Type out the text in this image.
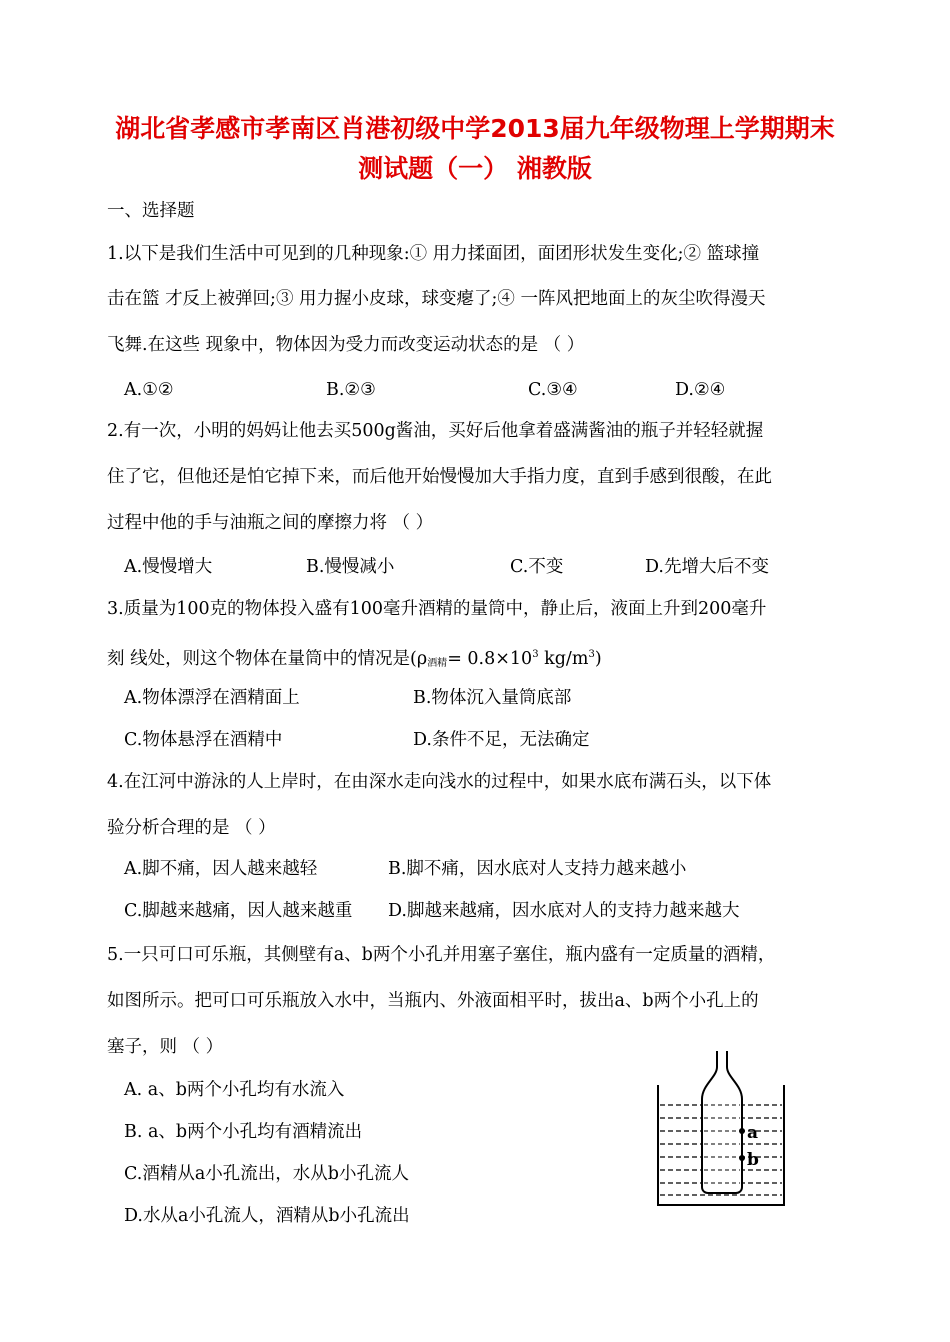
湖北省孝感市孝南区肖港初级中学2013届九年级物理上学期期末
测试题（一） 湘教版
一、选择题
1.以下是我们生活中可见到的几种现象:① 用力揉面团，面团形状发生变化;② 篮球撞
击在篮 才反上被弹回;③ 用力握小皮球，球变瘪了;④ 一阵风把地面上的灰尘吹得漫天
飞舞.在这些 现象中，物体因为受力而改变运动状态的是 （ ）
A.①②	B.②③	C.③④	D.②④
2.有一次，小明的妈妈让他去买500g酱油，买好后他拿着盛满酱油的瓶子并轻轻就握
住了它，但他还是怕它掉下来，而后他开始慢慢加大手指力度，直到手感到很酸，在此
过程中他的手与油瓶之间的摩擦力将 （ ）
A.慢慢增大	B.慢慢减小	C.不变	D.先增大后不变
3.质量为100克的物体投入盛有100毫升酒精的量筒中，静止后，液面上升到200毫升
刻 线处，则这个物体在量筒中的情况是($\rho_{酒精}= 0.8\times 10^3$ $kg/m^3$)
A.物体漂浮在酒精面上	B.物体沉入量筒底部
C.物体悬浮在酒精中	D.条件不足，无法确定
4.在江河中游泳的人上岸时，在由深水走向浅水的过程中，如果水底布满石头，以下体
验分析合理的是 （ ）
A.脚不痛，因人越来越轻	B.脚不痛，因水底对人支持力越来越小
C.脚越来越痛，因人越来越重 D.脚越来越痛，因水底对人的支持力越来越大
5.一只可口可乐瓶，其侧壁有a、b两个小孔并用塞子塞住，瓶内盛有一定质量的酒精，
如图所示。把可口可乐瓶放入水中，当瓶内、外液面相平时，拔出a、b两个小孔上的
塞子，则 （ ）
A. a、b两个小孔均有水流入
B. a、b两个小孔均有酒精流出
C.酒精从a小孔流出，水从b小孔流人
D.水从a小孔流人，酒精从b小孔流出
a
b
